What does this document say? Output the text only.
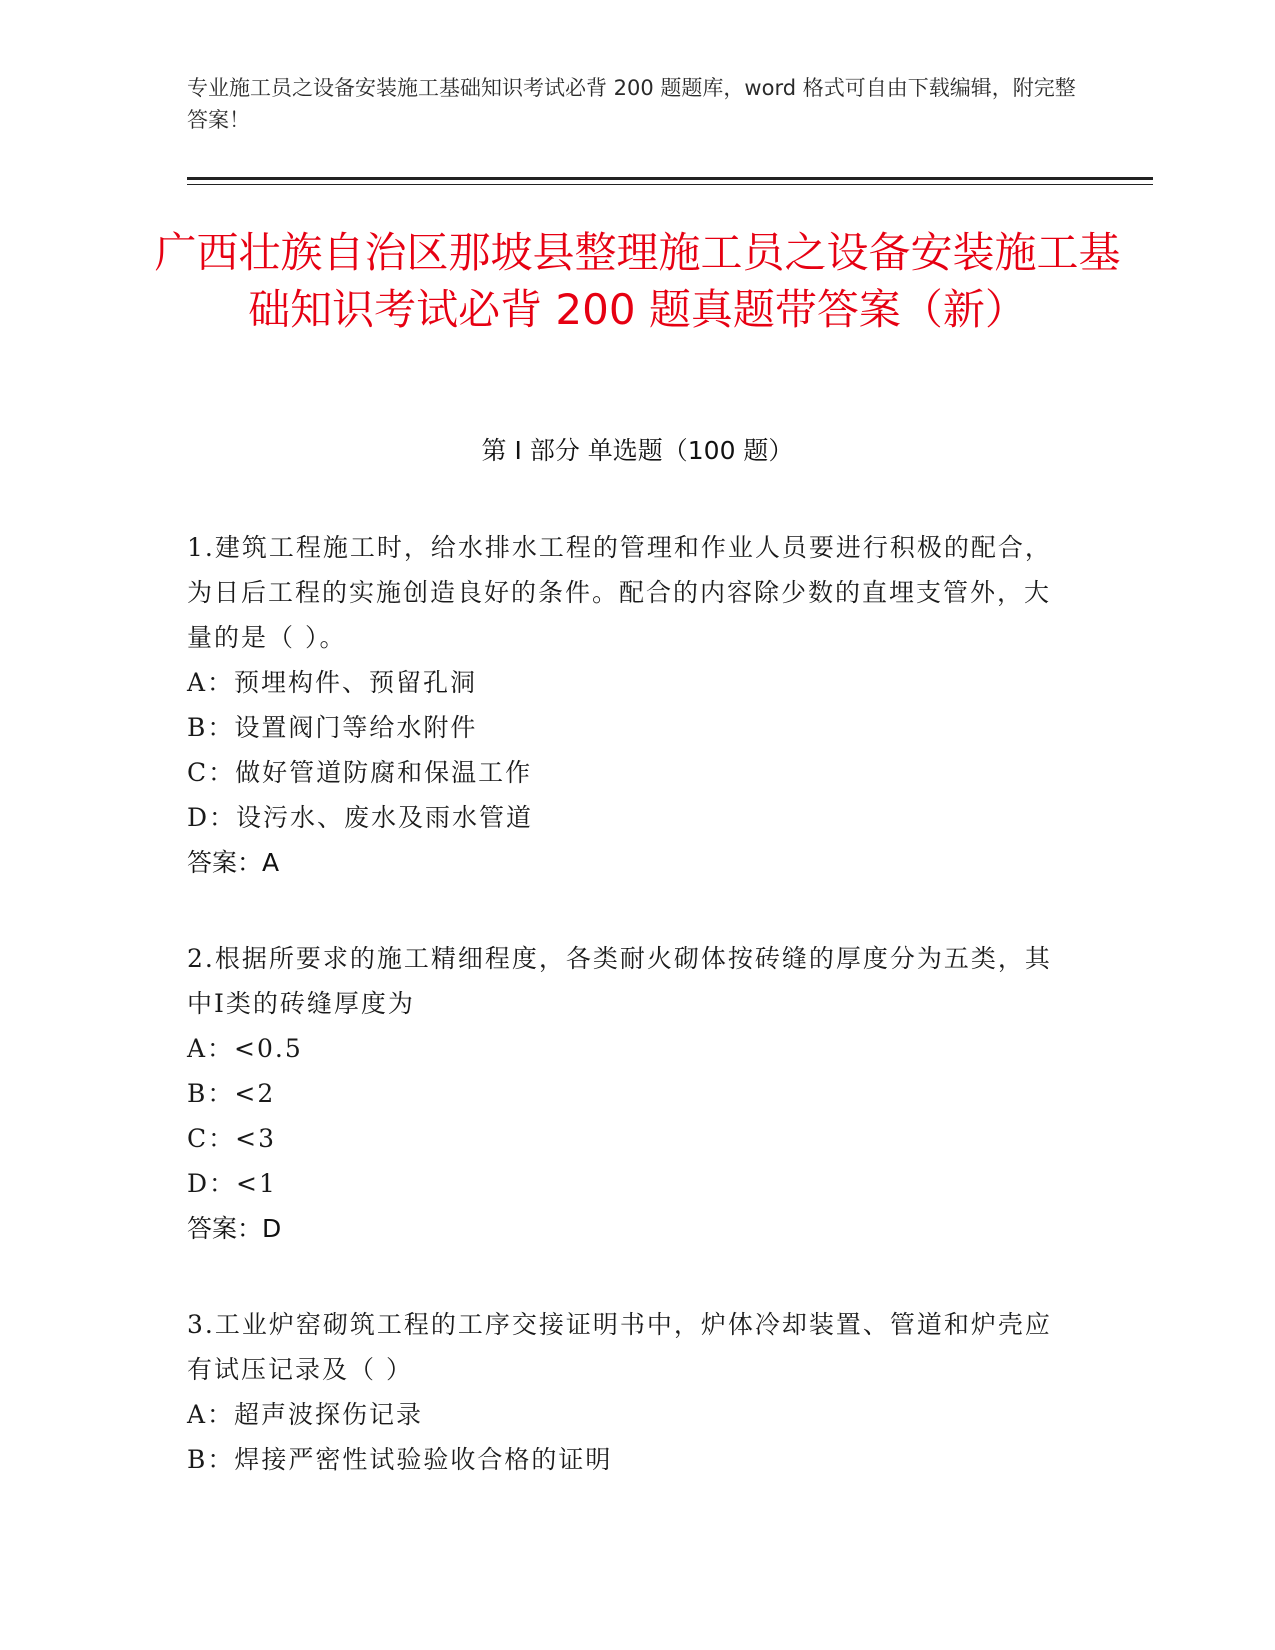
专业施工员之设备安装施工基础知识考试必背 200 题题库，word 格式可自由下载编辑，附完整答案！
广西壮族自治区那坡县整理施工员之设备安装施工基础知识考试必背 200 题真题带答案（新）
第 I 部分 单选题（100 题）
1.建筑工程施工时，给水排水工程的管理和作业人员要进行积极的配合，为日后工程的实施创造良好的条件。配合的内容除少数的直埋支管外，大量的是（ ）。
A：预埋构件、预留孔洞
B：设置阀门等给水附件
C：做好管道防腐和保温工作
D：设污水、废水及雨水管道
答案：A
2.根据所要求的施工精细程度，各类耐火砌体按砖缝的厚度分为五类，其中Ⅰ类的砖缝厚度为
A：<0.5
B：<2
C：<3
D：<1
答案：D
3.工业炉窑砌筑工程的工序交接证明书中，炉体冷却装置、管道和炉壳应有试压记录及（ ）
A：超声波探伤记录
B：焊接严密性试验验收合格的证明
